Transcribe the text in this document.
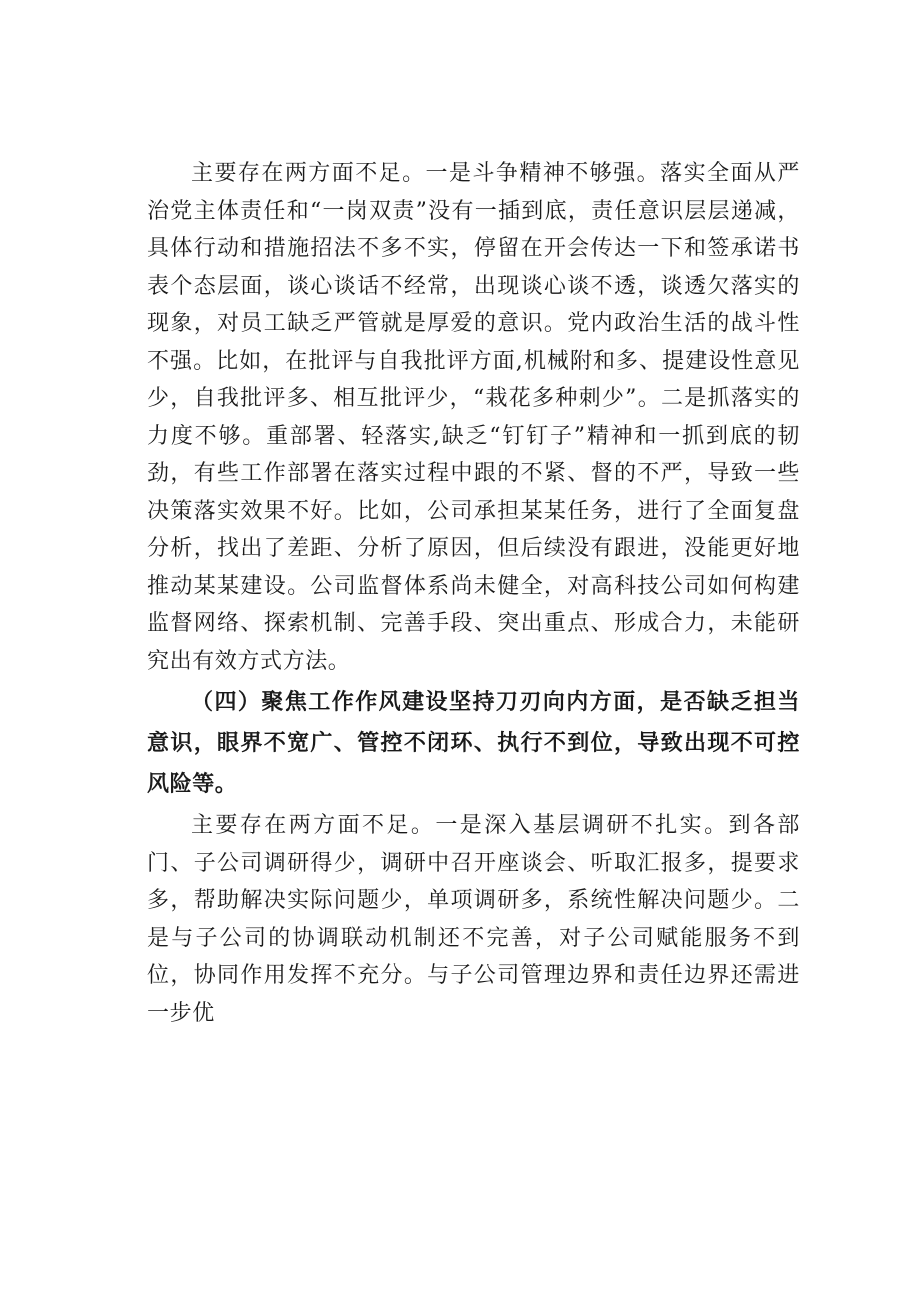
主要存在两方面不足。一是斗争精神不够强。落实全面从严治党主体责任和“一岗双责”没有一插到底，责任意识层层递减，具体行动和措施招法不多不实，停留在开会传达一下和签承诺书表个态层面，谈心谈话不经常，出现谈心谈不透，谈透欠落实的现象，对员工缺乏严管就是厚爱的意识。党内政治生活的战斗性不强。比如，在批评与自我批评方面,机械附和多、提建设性意见少，自我批评多、相互批评少，“栽花多种刺少”。二是抓落实的力度不够。重部署、轻落实,缺乏“钉钉子”精神和一抓到底的韧劲，有些工作部署在落实过程中跟的不紧、督的不严，导致一些决策落实效果不好。比如，公司承担某某任务，进行了全面复盘分析，找出了差距、分析了原因，但后续没有跟进，没能更好地推动某某建设。公司监督体系尚未健全，对高科技公司如何构建监督网络、探索机制、完善手段、突出重点、形成合力，未能研究出有效方式方法。

（四）聚焦工作作风建设坚持刀刃向内方面，是否缺乏担当意识，眼界不宽广、管控不闭环、执行不到位，导致出现不可控风险等。

主要存在两方面不足。一是深入基层调研不扎实。到各部门、子公司调研得少，调研中召开座谈会、听取汇报多，提要求多，帮助解决实际问题少，单项调研多，系统性解决问题少。二是与子公司的协调联动机制还不完善，对子公司赋能服务不到位，协同作用发挥不充分。与子公司管理边界和责任边界还需进一步优
